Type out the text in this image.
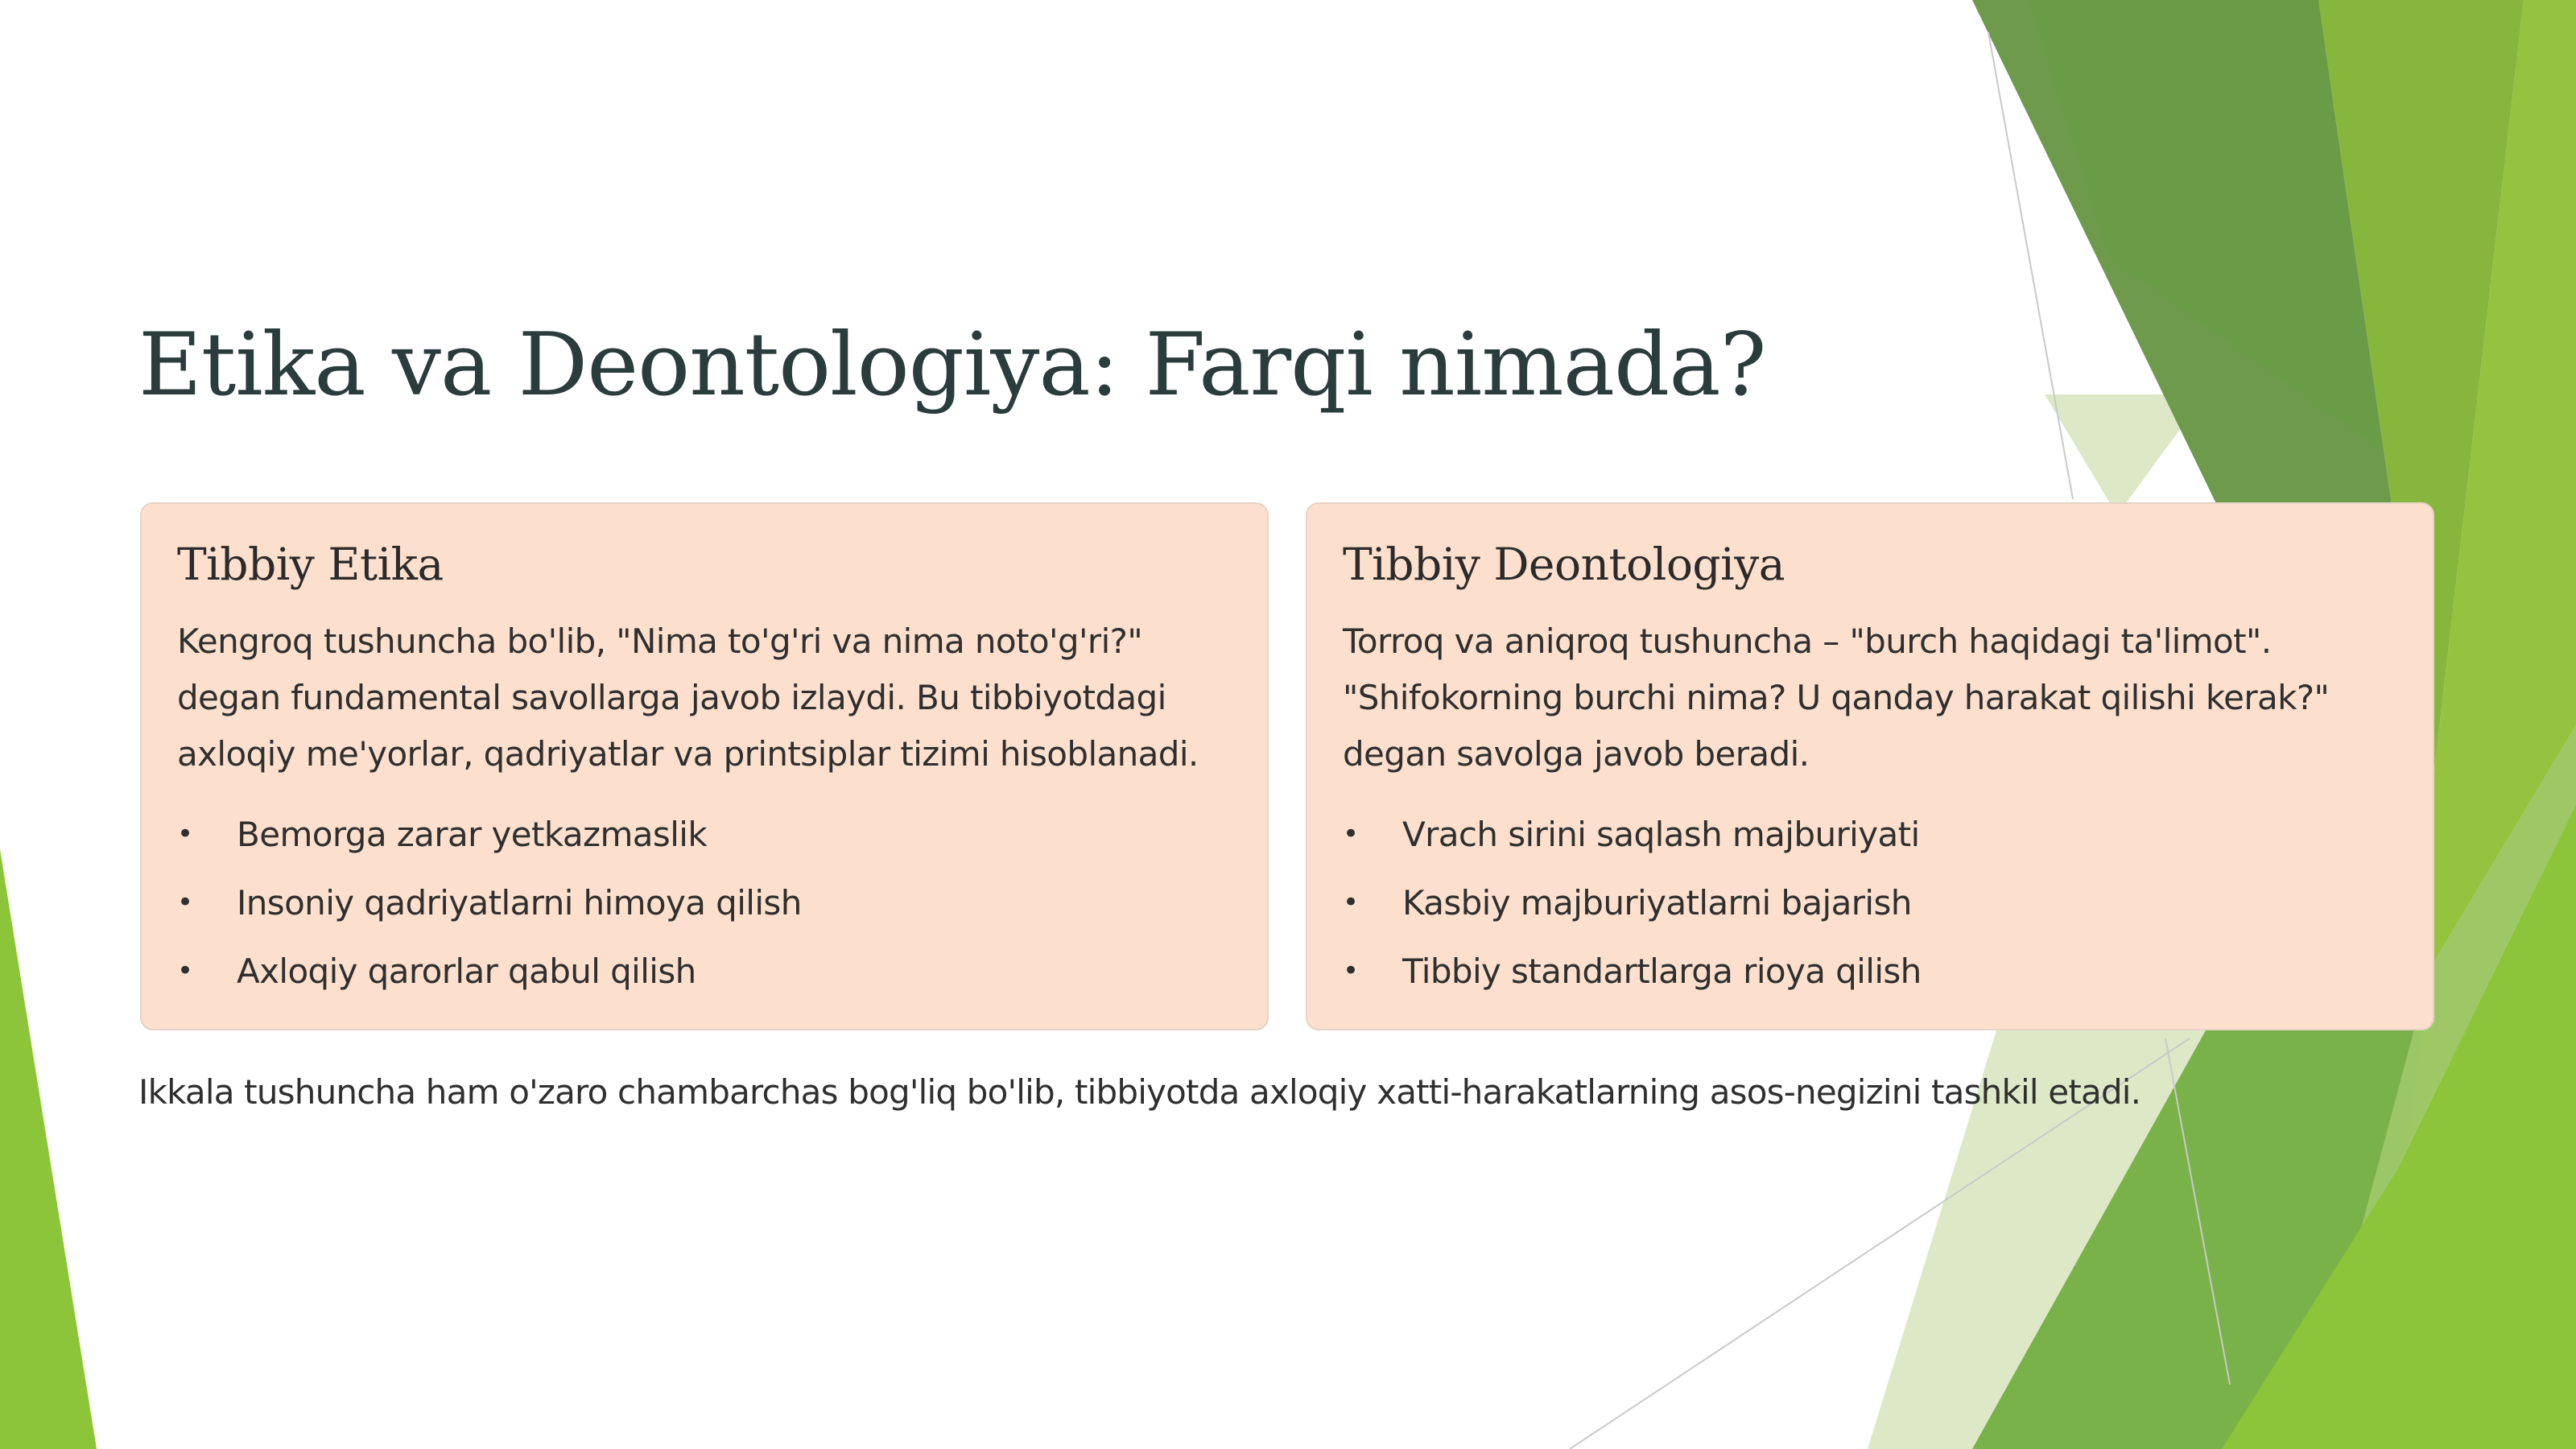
Etika va Deontologiya: Farqi nimada?
Tibbiy Etika

Kengroq tushuncha bo'lib, "Nima to'g'ri va nima noto'g'ri?" degan fundamental savollarga javob izlaydi. Bu tibbiyotdagi axloqiy me'yorlar, qadriyatlar va printsiplar tizimi hisoblanadi.

• Bemorga zarar yetkazmaslik
• Insoniy qadriyatlarni himoya qilish
• Axloqiy qarorlar qabul qilish
Tibbiy Deontologiya

Torroq va aniqroq tushuncha – "burch haqidagi ta'limot". "Shifokorning burchi nima? U qanday harakat qilishi kerak?" degan savolga javob beradi.

• Vrach sirini saqlash majburiyati
• Kasbiy majburiyatlarni bajarish
• Tibbiy standartlarga rioya qilish

Ikkala tushuncha ham o'zaro chambarchas bog'liq bo'lib, tibbiyotda axloqiy xatti-harakatlarning asos-negizini tashkil etadi.
